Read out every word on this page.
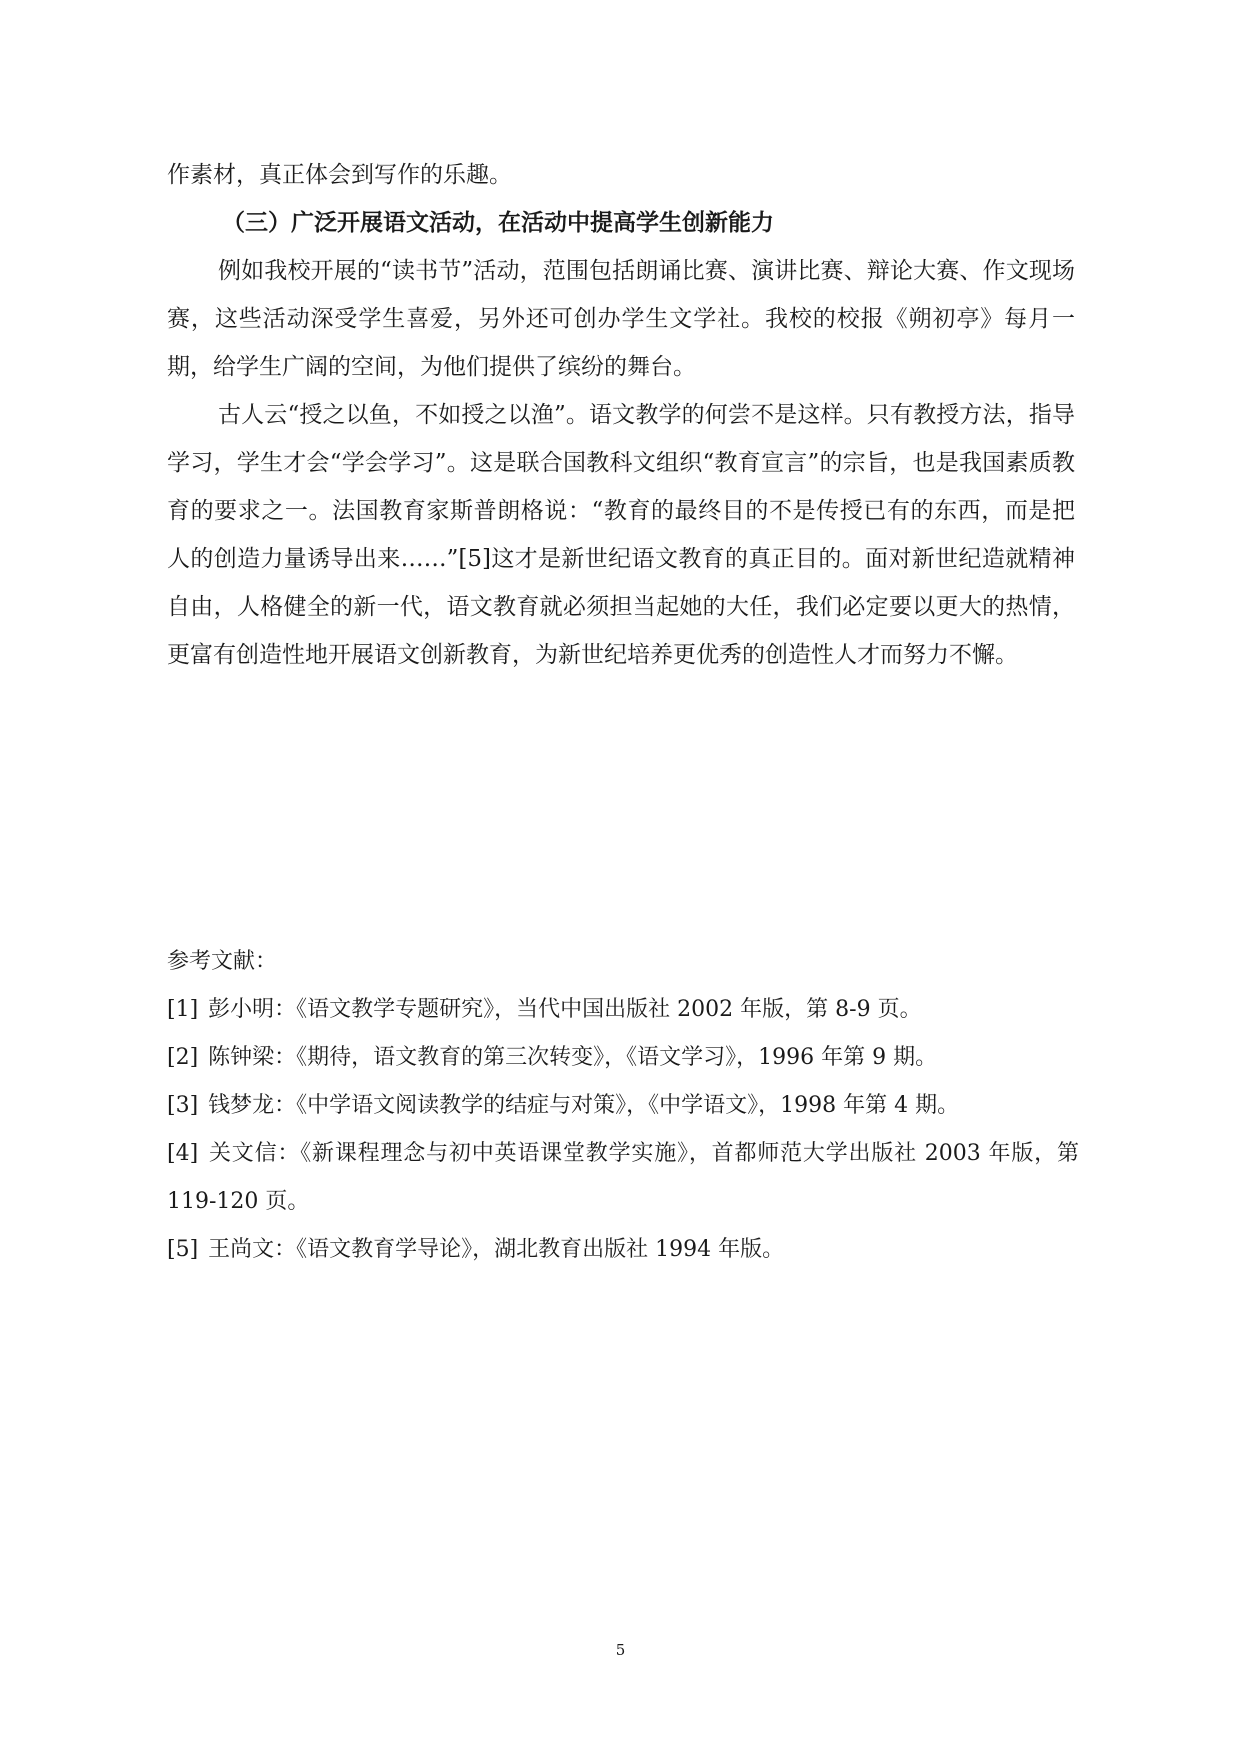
作素材，真正体会到写作的乐趣。

（三）广泛开展语文活动，在活动中提高学生创新能力

例如我校开展的“读书节”活动，范围包括朗诵比赛、演讲比赛、辩论大赛、作文现场赛，这些活动深受学生喜爱，另外还可创办学生文学社。我校的校报《朔初亭》每月一期，给学生广阔的空间，为他们提供了缤纷的舞台。

古人云“授之以鱼，不如授之以渔”。语文教学的何尝不是这样。只有教授方法，指导学习，学生才会“学会学习”。这是联合国教科文组织“教育宣言”的宗旨，也是我国素质教育的要求之一。法国教育家斯普朗格说：“教育的最终目的不是传授已有的东西，而是把人的创造力量诱导出来……”[5]这才是新世纪语文教育的真正目的。面对新世纪造就精神自由，人格健全的新一代，语文教育就必须担当起她的大任，我们必定要以更大的热情，更富有创造性地开展语文创新教育，为新世纪培养更优秀的创造性人才而努力不懈。

参考文献：

[1] 彭小明：《语文教学专题研究》，当代中国出版社 2002 年版，第 8-9 页。
[2] 陈钟梁：《期待，语文教育的第三次转变》，《语文学习》，1996 年第 9 期。
[3] 钱梦龙：《中学语文阅读教学的结症与对策》，《中学语文》，1998 年第 4 期。
[4] 关文信：《新课程理念与初中英语课堂教学实施》，首都师范大学出版社 2003 年版，第 119-120 页。
[5] 王尚文：《语文教育学导论》，湖北教育出版社 1994 年版。
5
